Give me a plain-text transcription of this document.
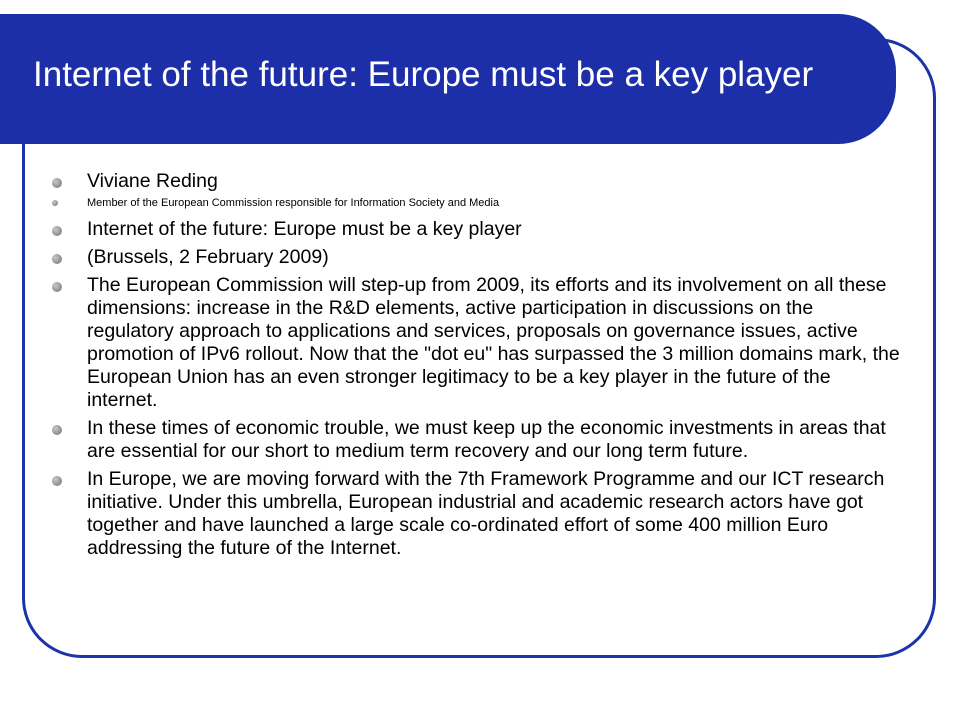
Internet of the future: Europe must be a key player
Viviane Reding
Member of the European Commission responsible for Information Society and Media
Internet of the future: Europe must be a key player
(Brussels, 2 February 2009)
The European Commission will step-up from 2009, its efforts and its involvement on all these dimensions: increase in the R&D elements, active participation in discussions on the regulatory approach to applications and services, proposals on governance issues, active promotion of IPv6 rollout. Now that the "dot eu" has surpassed the 3 million domains mark, the European Union has an even stronger legitimacy to be a key player in the future of the internet.
In these times of economic trouble, we must keep up the economic investments in areas that are essential for our short to medium term recovery and our long term future.
In Europe, we are moving forward with the 7th Framework Programme and our ICT research initiative. Under this umbrella, European industrial and academic research actors have got together and have launched a large scale co-ordinated effort of some 400 million Euro addressing the future of the Internet.
